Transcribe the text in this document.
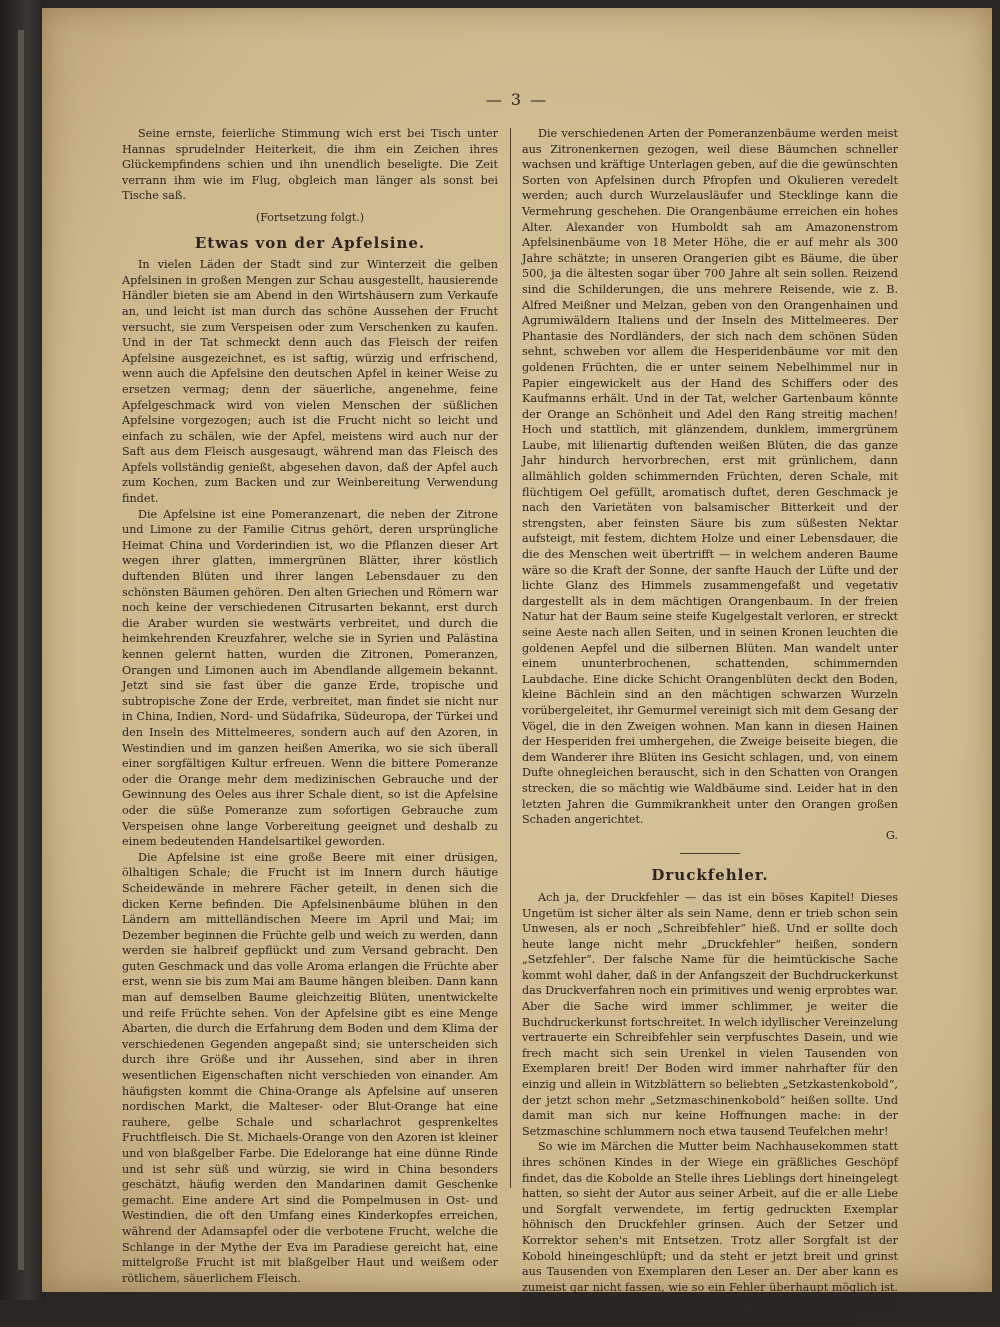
— 3 —

Seine ernste, feierliche Stimmung wich erst bei Tisch unter Hannas sprudelnder Heiterkeit, die ihm ein Zeichen ihres Glückempfindens schien und ihn unendlich beseligte. Die Zeit verrann ihm wie im Flug, obgleich man länger als sonst bei Tische saß.

(Fortsetzung folgt.)
Etwas von der Apfelsine.

In vielen Läden der Stadt sind zur Winterzeit die gelben Apfelsinen in großen Mengen zur Schau ausgestellt, hausierende Händler bieten sie am Abend in den Wirtshäusern zum Verkaufe an, und leicht ist man durch das schöne Aussehen der Frucht versucht, sie zum Verspeisen oder zum Verschenken zu kaufen. Und in der Tat schmeckt denn auch das Fleisch der reifen Apfelsine ausgezeichnet, es ist saftig, würzig und erfrischend, wenn auch die Apfelsine den deutschen Apfel in keiner Weise zu ersetzen vermag; denn der säuerliche, angenehme, feine Apfelgeschmack wird von vielen Menschen der süßlichen Apfelsine vorgezogen; auch ist die Frucht nicht so leicht und einfach zu schälen, wie der Apfel, meistens wird auch nur der Saft aus dem Fleisch ausgesaugt, während man das Fleisch des Apfels vollständig genießt, abgesehen davon, daß der Apfel auch zum Kochen, zum Backen und zur Weinbereitung Verwendung findet.

Die Apfelsine ist eine Pomeranzenart, die neben der Zitrone und Limone zu der Familie Citrus gehört, deren ursprüngliche Heimat China und Vorderindien ist, wo die Pflanzen dieser Art wegen ihrer glatten, immergrünen Blätter, ihrer köstlich duftenden Blüten und ihrer langen Lebensdauer zu den schönsten Bäumen gehören. Den alten Griechen und Römern war noch keine der verschiedenen Citrusarten bekannt, erst durch die Araber wurden sie westwärts verbreitet, und durch die heimkehrenden Kreuzfahrer, welche sie in Syrien und Palästina kennen gelernt hatten, wurden die Zitronen, Pomeranzen, Orangen und Limonen auch im Abendlande allgemein bekannt. Jetzt sind sie fast über die ganze Erde, tropische und subtropische Zone der Erde, verbreitet, man findet sie nicht nur in China, Indien, Nord- und Südafrika, Südeuropa, der Türkei und den Inseln des Mittelmeeres, sondern auch auf den Azoren, in Westindien und im ganzen heißen Amerika, wo sie sich überall einer sorgfältigen Kultur erfreuen. Wenn die bittere Pomeranze oder die Orange mehr dem medizinischen Gebrauche und der Gewinnung des Oeles aus ihrer Schale dient, so ist die Apfelsine oder die süße Pomeranze zum sofortigen Gebrauche zum Verspeisen ohne lange Vorbereitung geeignet und deshalb zu einem bedeutenden Handelsartikel geworden.

Die Apfelsine ist eine große Beere mit einer drüsigen, ölhaltigen Schale; die Frucht ist im Innern durch häutige Scheidewände in mehrere Fächer geteilt, in denen sich die dicken Kerne befinden. Die Apfelsinenbäume blühen in den Ländern am mittelländischen Meere im April und Mai; im Dezember beginnen die Früchte gelb und weich zu werden, dann werden sie halbreif gepflückt und zum Versand gebracht. Den guten Geschmack und das volle Aroma erlangen die Früchte aber erst, wenn sie bis zum Mai am Baume hängen bleiben. Dann kann man auf demselben Baume gleichzeitig Blüten, unentwickelte und reife Früchte sehen. Von der Apfelsine gibt es eine Menge Abarten, die durch die Erfahrung dem Boden und dem Klima der verschiedenen Gegenden angepaßt sind; sie unterscheiden sich durch ihre Größe und ihr Aussehen, sind aber in ihren wesentlichen Eigenschaften nicht verschieden von einander. Am häufigsten kommt die China-Orange als Apfelsine auf unseren nordischen Markt, die Malteser- oder Blut-Orange hat eine rauhere, gelbe Schale und scharlachrot gesprenkeltes Fruchtfleisch. Die St. Michaels-Orange von den Azoren ist kleiner und von blaßgelber Farbe. Die Edelorange hat eine dünne Rinde und ist sehr süß und würzig, sie wird in China besonders geschätzt, häufig werden den Mandarinen damit Geschenke gemacht. Eine andere Art sind die Pompelmusen in Ost- und Westindien, die oft den Umfang eines Kinderkopfes erreichen, während der Adamsapfel oder die verbotene Frucht, welche die Schlange in der Mythe der Eva im Paradiese gereicht hat, eine mittelgroße Frucht ist mit blaßgelber Haut und weißem oder rötlichem, säuerlichem Fleisch.

Die verschiedenen Arten der Pomeranzenbäume werden meist aus Zitronenkernen gezogen, weil diese Bäumchen schneller wachsen und kräftige Unterlagen geben, auf die die gewünschten Sorten von Apfelsinen durch Pfropfen und Okulieren veredelt werden; auch durch Wurzelausläufer und Stecklinge kann die Vermehrung geschehen. Die Orangenbäume erreichen ein hohes Alter. Alexander von Humboldt sah am Amazonenstrom Apfelsinenbäume von 18 Meter Höhe, die er auf mehr als 300 Jahre schätzte; in unseren Orangerien gibt es Bäume, die über 500, ja die ältesten sogar über 700 Jahre alt sein sollen. Reizend sind die Schilderungen, die uns mehrere Reisende, wie z. B. Alfred Meißner und Melzan, geben von den Orangenhainen und Agrumiwäldern Italiens und der Inseln des Mittelmeeres. Der Phantasie des Nordländers, der sich nach dem schönen Süden sehnt, schweben vor allem die Hesperidenbäume vor mit den goldenen Früchten, die er unter seinem Nebelhimmel nur in Papier eingewickelt aus der Hand des Schiffers oder des Kaufmanns erhält. Und in der Tat, welcher Gartenbaum könnte der Orange an Schönheit und Adel den Rang streitig machen! Hoch und stattlich, mit glänzendem, dunklem, immergrünem Laube, mit lilienartig duftenden weißen Blüten, die das ganze Jahr hindurch hervorbrechen, erst mit grünlichem, dann allmählich golden schimmernden Früchten, deren Schale, mit flüchtigem Oel gefüllt, aromatisch duftet, deren Geschmack je nach den Varietäten von balsamischer Bitterkeit und der strengsten, aber feinsten Säure bis zum süßesten Nektar aufsteigt, mit festem, dichtem Holze und einer Lebensdauer, die die des Menschen weit übertrifft — in welchem anderen Baume wäre so die Kraft der Sonne, der sanfte Hauch der Lüfte und der lichte Glanz des Himmels zusammengefaßt und vegetativ dargestellt als in dem mächtigen Orangenbaum. In der freien Natur hat der Baum seine steife Kugelgestalt verloren, er streckt seine Aeste nach allen Seiten, und in seinen Kronen leuchten die goldenen Aepfel und die silbernen Blüten. Man wandelt unter einem ununterbrochenen, schattenden, schimmernden Laubdache. Eine dicke Schicht Orangenblüten deckt den Boden, kleine Bächlein sind an den mächtigen schwarzen Wurzeln vorübergeleitet, ihr Gemurmel vereinigt sich mit dem Gesang der Vögel, die in den Zweigen wohnen. Man kann in diesen Hainen der Hesperiden frei umhergehen, die Zweige beiseite biegen, die dem Wanderer ihre Blüten ins Gesicht schlagen, und, von einem Dufte ohnegleichen berauscht, sich in den Schatten von Orangen strecken, die so mächtig wie Waldbäume sind. Leider hat in den letzten Jahren die Gummikrankheit unter den Orangen großen Schaden angerichtet.

G.
Druckfehler.

Ach ja, der Druckfehler — das ist ein böses Kapitel! Dieses Ungetüm ist sicher älter als sein Name, denn er trieb schon sein Unwesen, als er noch „Schreibfehler“ hieß. Und er sollte doch heute lange nicht mehr „Druckfehler“ heißen, sondern „Setzfehler“. Der falsche Name für die heimtückische Sache kommt wohl daher, daß in der Anfangszeit der Buchdruckerkunst das Druckverfahren noch ein primitives und wenig erprobtes war. Aber die Sache wird immer schlimmer, je weiter die Buchdruckerkunst fortschreitet. In welch idyllischer Vereinzelung vertrauerte ein Schreibfehler sein verpfuschtes Dasein, und wie frech macht sich sein Urenkel in vielen Tausenden von Exemplaren breit! Der Boden wird immer nahrhafter für den einzig und allein in Witzblättern so beliebten „Setzkastenkobold“, der jetzt schon mehr „Setzmaschinenkobold“ heißen sollte. Und damit man sich nur keine Hoffnungen mache: in der Setzmaschine schlummern noch etwa tausend Teufelchen mehr!

So wie im Märchen die Mutter beim Nachhausekommen statt ihres schönen Kindes in der Wiege ein gräßliches Geschöpf findet, das die Kobolde an Stelle ihres Lieblings dort hineingelegt hatten, so sieht der Autor aus seiner Arbeit, auf die er alle Liebe und Sorgfalt verwendete, im fertig gedruckten Exemplar höhnisch den Druckfehler grinsen. Auch der Setzer und Korrektor sehen's mit Entsetzen. Trotz aller Sorgfalt ist der Kobold hineingeschlüpft; und da steht er jetzt breit und grinst aus Tausenden von Exemplaren den Leser an. Der aber kann es zumeist gar nicht fassen, wie so ein Fehler überhaupt möglich ist. Aber auch Autor, Setzer und Korrektor greifen sich an den Kopf. Und fast täglich wiederholt sich diese traurige Geschichte;
